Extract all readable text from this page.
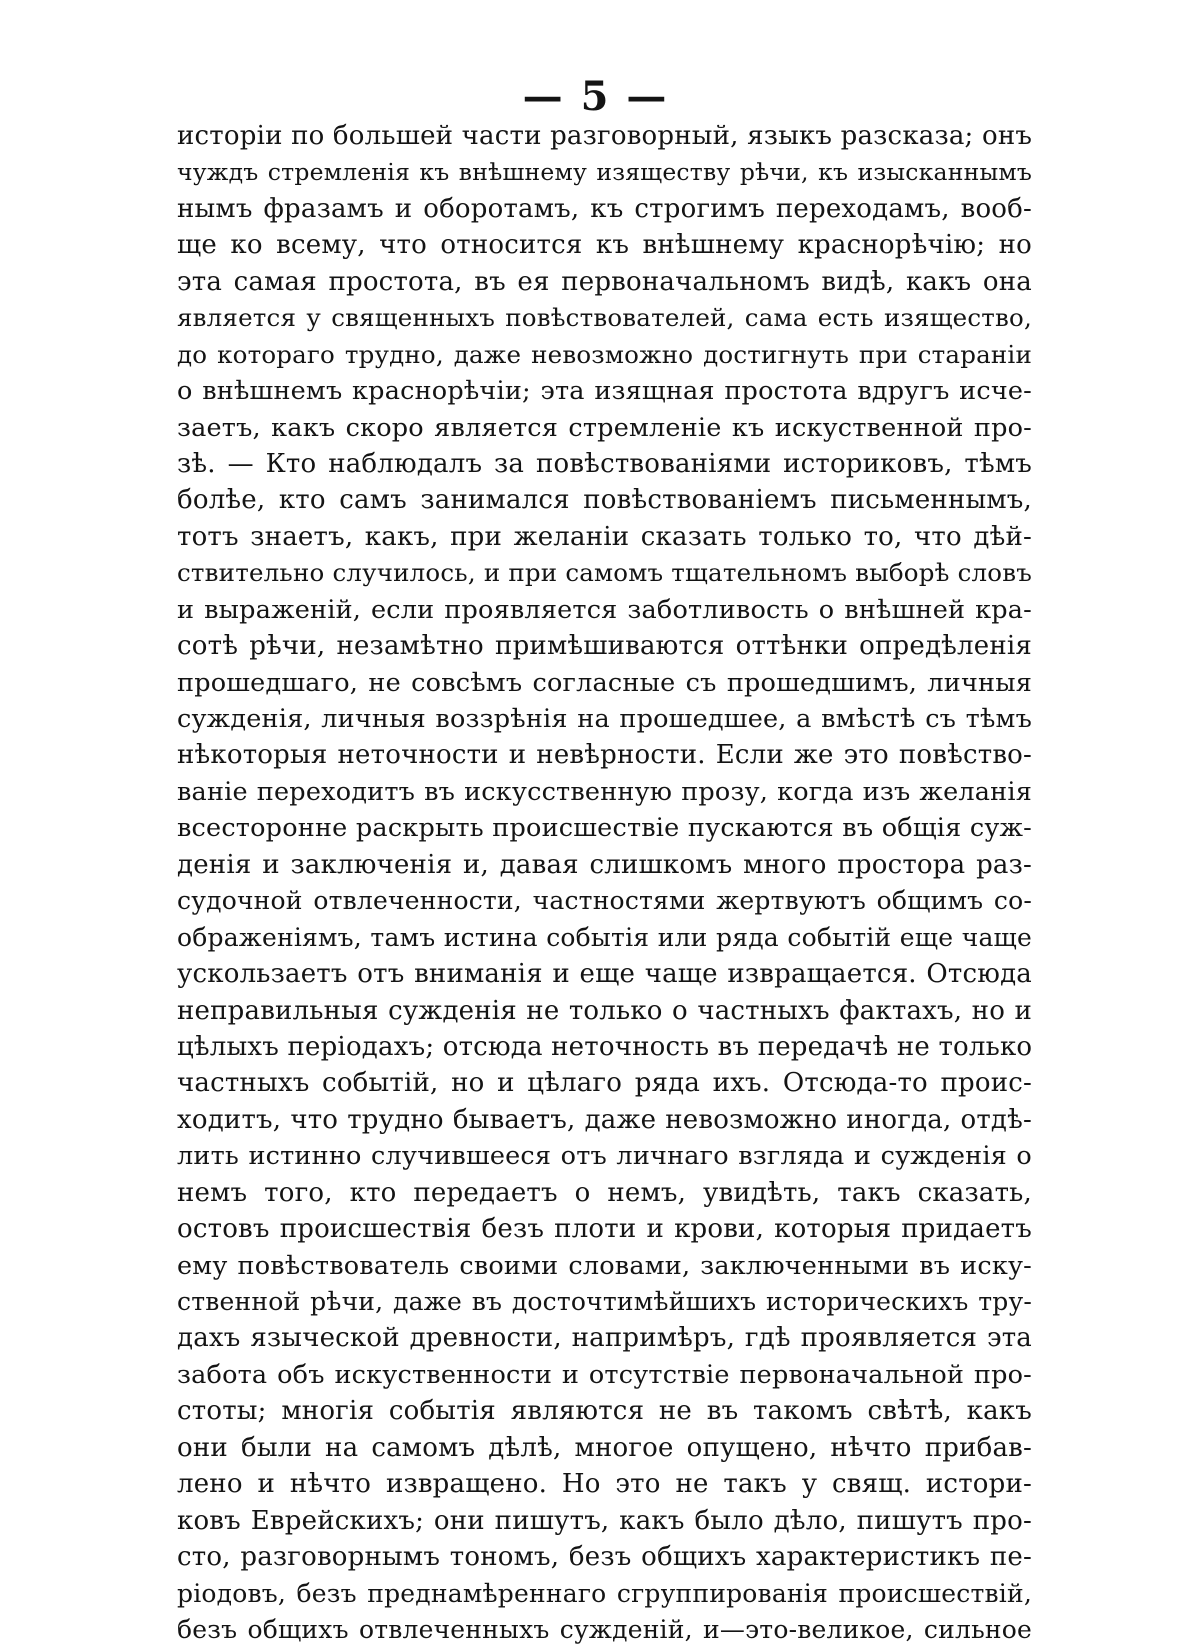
— 5 —
исторіи по большей части разговорный, языкъ разсказа; онъ
чуждъ стремленія къ внѣшнему изяществу рѣчи, къ изысканнымъ
нымъ фразамъ и оборотамъ, къ строгимъ переходамъ, вооб-
ще ко всему, что относится къ внѣшнему краснорѣчію; но
эта самая простота, въ ея первоначальномъ видѣ, какъ она
является у священныхъ повѣствователей, сама есть изящество,
до котораго трудно, даже невозможно достигнуть при старанiи
о внѣшнемъ краснорѣчіи; эта изящная простота вдругъ исче-
заетъ, какъ скоро является стремленіе къ искуственной про-
зѣ. — Кто наблюдалъ за повѣствованіями историковъ, тѣмъ
болѣе, кто самъ занимался повѣствованіемъ письменнымъ,
тотъ знаетъ, какъ, при желаніи сказать только то, что дѣй-
ствительно случилось, и при самомъ тщательномъ выборѣ словъ
и выраженій, если проявляется заботливость о внѣшней кра-
сотѣ рѣчи, незамѣтно примѣшиваются оттѣнки опредѣленія
прошедшаго, не совсѣмъ согласные съ прошедшимъ, личныя
сужденія, личныя воззрѣнія на прошедшее, а вмѣстѣ съ тѣмъ
нѣкоторыя неточности и невѣрности. Если же это повѣство-
ваніе переходитъ въ искусственную прозу, когда изъ желанія
всесторонне раскрыть происшествіе пускаются въ общія суж-
денія и заключенія и, давая слишкомъ много простора раз-
судочной отвлеченности, частностями жертвуютъ общимъ со-
ображеніямъ, тамъ истина событія или ряда событій еще чаще
ускользаетъ отъ вниманія и еще чаще извращается. Отсюда
неправильныя сужденія не только о частныхъ фактахъ, но и
цѣлыхъ періодахъ; отсюда неточность въ передачѣ не только
частныхъ событій, но и цѣлаго ряда ихъ. Отсюда-то проис-
ходитъ, что трудно бываетъ, даже невозможно иногда, отдѣ-
лить истинно случившееся отъ личнаго взгляда и сужденія о
немъ того, кто передаетъ о немъ, увидѣть, такъ сказать,
остовъ происшествія безъ плоти и крови, которыя придаетъ
ему повѣствователь своими словами, заключенными въ иску-
ственной рѣчи, даже въ досточтимѣйшихъ историческихъ тру-
дахъ языческой древности, напримѣръ, гдѣ проявляется эта
забота объ искуственности и отсутствіе первоначальной про-
стоты; многія событія являются не въ такомъ свѣтѣ, какъ
они были на самомъ дѣлѣ, многое опущено, нѣчто прибав-
лено и нѣчто извращено. Но это не такъ у свящ. истори-
ковъ Еврейскихъ; они пишутъ, какъ было дѣло, пишутъ про-
сто, разговорнымъ тономъ, безъ общихъ характеристикъ пе-
ріодовъ, безъ преднамѣреннаго сгруппированія происшествій,
безъ общихъ отвлеченныхъ сужденій, и—это-великое, сильное
